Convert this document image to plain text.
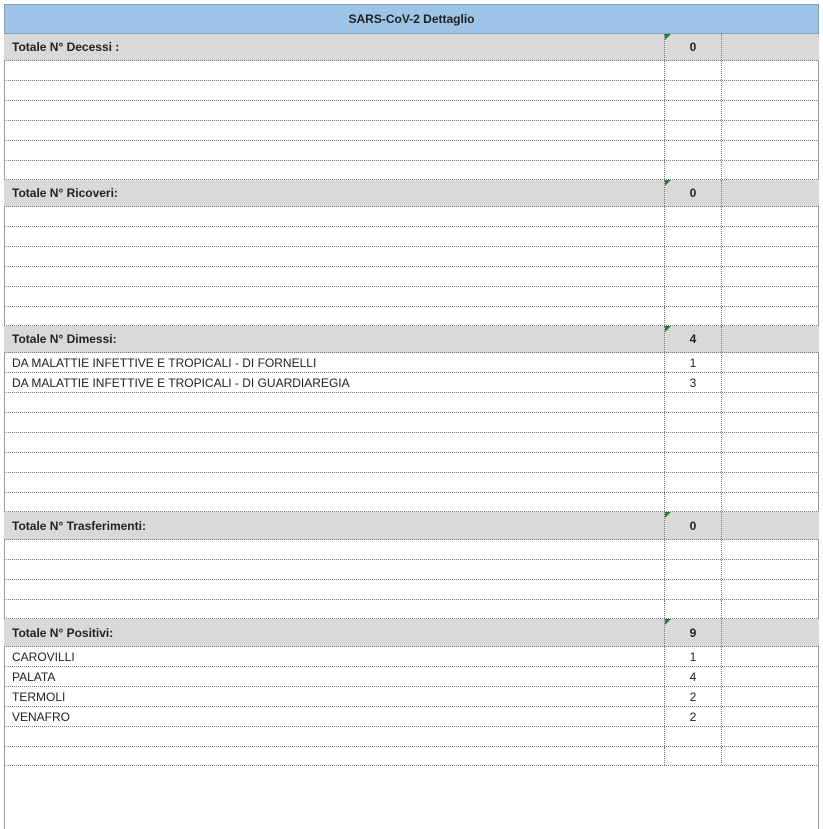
SARS-CoV-2 Dettaglio
Totale N° Decessi :	0
Totale N° Ricoveri:	0
Totale N° Dimessi:	4
DA MALATTIE INFETTIVE E TROPICALI - DI FORNELLI	1
DA MALATTIE INFETTIVE E TROPICALI - DI GUARDIAREGIA	3
Totale N° Trasferimenti:	0
Totale N° Positivi:	9
CAROVILLI	1
PALATA	4
TERMOLI	2
VENAFRO	2
